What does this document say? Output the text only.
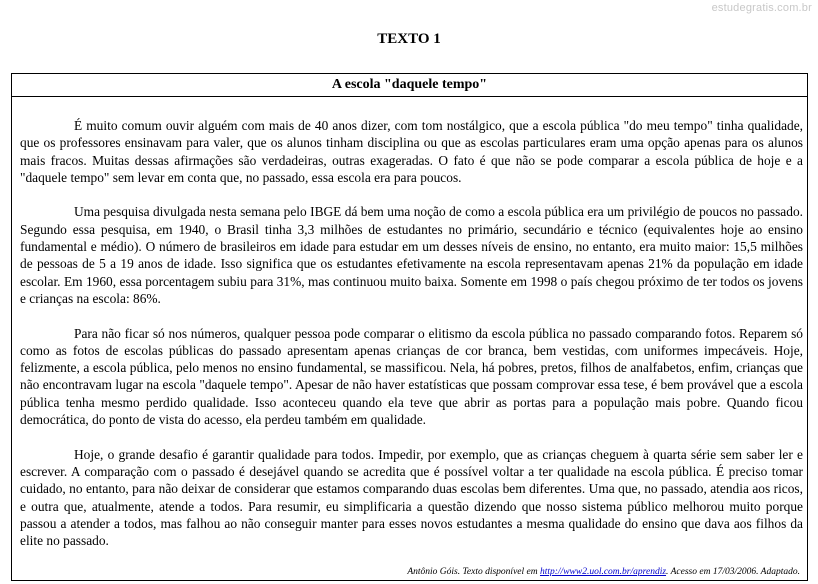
estudegratis.com.br
TEXTO 1
A escola "daquele tempo"

É muito comum ouvir alguém com mais de 40 anos dizer, com tom nostálgico, que a escola pública "do meu tempo" tinha qualidade, que os professores ensinavam para valer, que os alunos tinham disciplina ou que as escolas particulares eram uma opção apenas para os alunos mais fracos. Muitas dessas afirmações são verdadeiras, outras exageradas. O fato é que não se pode comparar a escola pública de hoje e a "daquele tempo" sem levar em conta que, no passado, essa escola era para poucos.

Uma pesquisa divulgada nesta semana pelo IBGE dá bem uma noção de como a escola pública era um privilégio de poucos no passado. Segundo essa pesquisa, em 1940, o Brasil tinha 3,3 milhões de estudantes no primário, secundário e técnico (equivalentes hoje ao ensino fundamental e médio). O número de brasileiros em idade para estudar em um desses níveis de ensino, no entanto, era muito maior: 15,5 milhões de pessoas de 5 a 19 anos de idade. Isso significa que os estudantes efetivamente na escola representavam apenas 21% da população em idade escolar. Em 1960, essa porcentagem subiu para 31%, mas continuou muito baixa. Somente em 1998 o país chegou próximo de ter todos os jovens e crianças na escola: 86%.

Para não ficar só nos números, qualquer pessoa pode comparar o elitismo da escola pública no passado comparando fotos. Reparem só como as fotos de escolas públicas do passado apresentam apenas crianças de cor branca, bem vestidas, com uniformes impecáveis. Hoje, felizmente, a escola pública, pelo menos no ensino fundamental, se massificou. Nela, há pobres, pretos, filhos de analfabetos, enfim, crianças que não encontravam lugar na escola "daquele tempo". Apesar de não haver estatísticas que possam comprovar essa tese, é bem provável que a escola pública tenha mesmo perdido qualidade. Isso aconteceu quando ela teve que abrir as portas para a população mais pobre. Quando ficou democrática, do ponto de vista do acesso, ela perdeu também em qualidade.

Hoje, o grande desafio é garantir qualidade para todos. Impedir, por exemplo, que as crianças cheguem à quarta série sem saber ler e escrever. A comparação com o passado é desejável quando se acredita que é possível voltar a ter qualidade na escola pública. É preciso tomar cuidado, no entanto, para não deixar de considerar que estamos comparando duas escolas bem diferentes. Uma que, no passado, atendia aos ricos, e outra que, atualmente, atende a todos. Para resumir, eu simplificaria a questão dizendo que nosso sistema público melhorou muito porque passou a atender a todos, mas falhou ao não conseguir manter para esses novos estudantes a mesma qualidade do ensino que dava aos filhos da elite no passado.

Antônio Góis. Texto disponível em http://www2.uol.com.br/aprendiz. Acesso em 17/03/2006. Adaptado.
